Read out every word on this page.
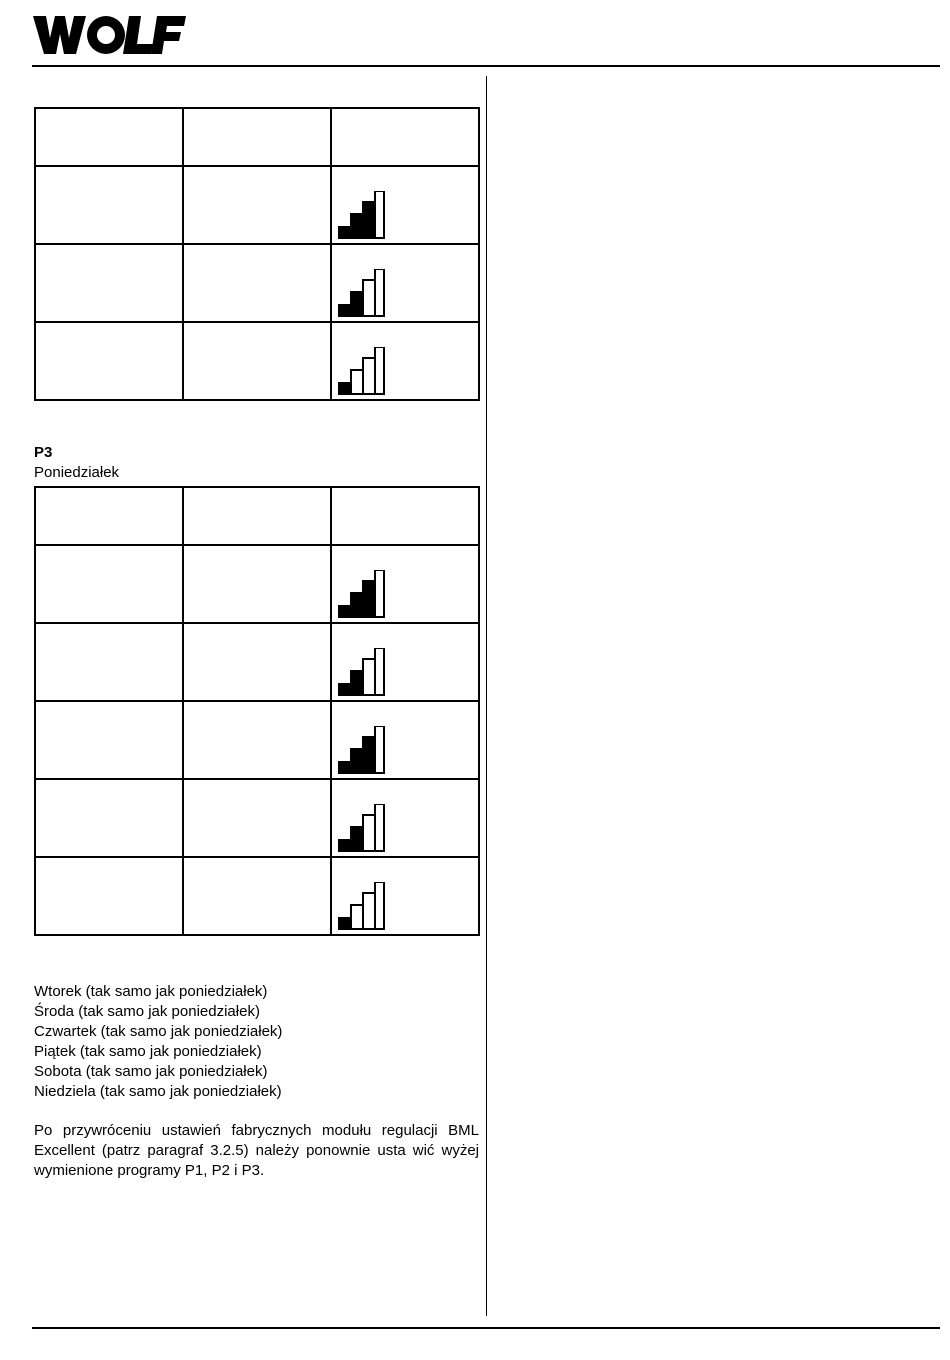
P3
Poniedziałek

Wtorek (tak samo jak poniedziałek)
Środa (tak samo jak poniedziałek)
Czwartek (tak samo jak poniedziałek)
Piątek (tak samo jak poniedziałek)
Sobota (tak samo jak poniedziałek)
Niedziela (tak samo jak poniedziałek)
Po przywróceniu ustawień fabrycznych modułu regulacji BML Excellent (patrz paragraf 3.2.5) należy ponownie usta wić wyżej wymienione programy P1, P2 i P3.
